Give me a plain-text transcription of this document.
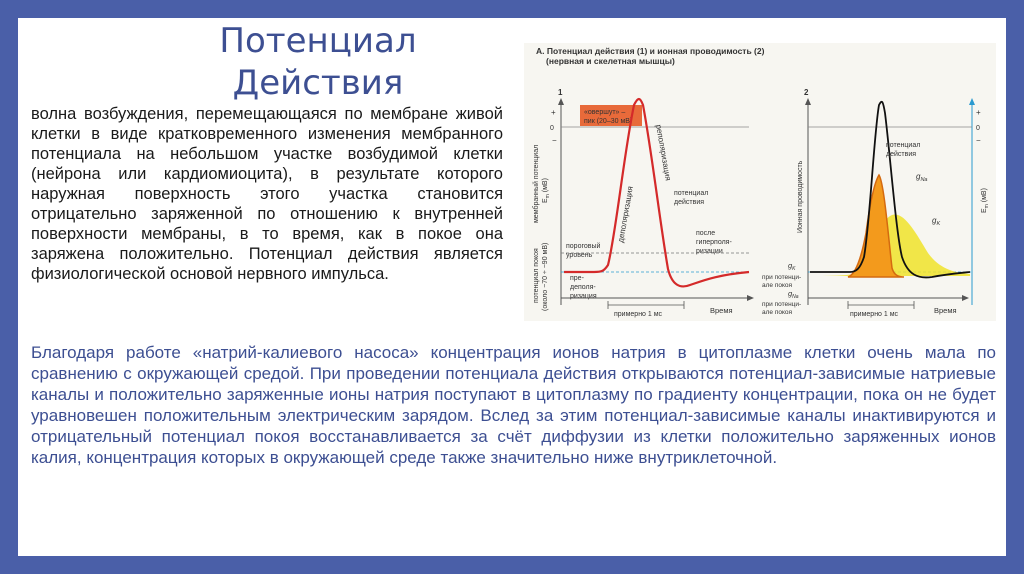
Потенциал Действия
волна возбуждения, перемещающаяся по мембране живой клетки в виде кратковременного изменения мембранного потенциала на небольшом участке возбудимой клетки (нейрона или кардиомиоцита), в результате которого наружная поверхность этого участка становится отрицательно заряженной по отношению к внутренней поверхности мембраны, в то время, как в покое она заряжена положительно. Потенциал действия является физиологической основой нервного импульса.
А. Потенциал действия (1) и ионная проводимость (2)
(нервная и скелетная мышцы)
1
0
+
−
«овершут» –
пик (20–30 мВ)
деполяризация
реполяризация
потенциал
действия
пороговый
уровень
пре-
деполя-
ризация
после
гиперполя-
ризации
мембранный потенциал $E_m$ (мВ)
потенциал покоя (около −70 ÷ −90 мВ)
примерно 1 мс	Время
2
+
0
−
потенциал
действия
$g_{Na}$
$g_K$
$g_K$
при потенци-
але покоя
$g_{Na}$
при потенци-
але покоя
Ионная проводимость	$E_m$ (мВ)
примерно 1 мс	Время
Благодаря работе «натрий-калиевого насоса» концентрация ионов натрия в цитоплазме клетки очень мала по сравнению с окружающей средой. При проведении потенциала действия открываются потенциал-зависимые натриевые каналы и положительно заряженные ионы натрия поступают в цитоплазму по градиенту концентрации, пока он не будет уравновешен положительным электрическим зарядом. Вслед за этим потенциал-зависимые каналы инактивируются и отрицательный потенциал покоя восстанавливается за счёт диффузии из клетки положительно заряженных ионов калия, концентрация которых в окружающей среде также значительно ниже внутриклеточной.
